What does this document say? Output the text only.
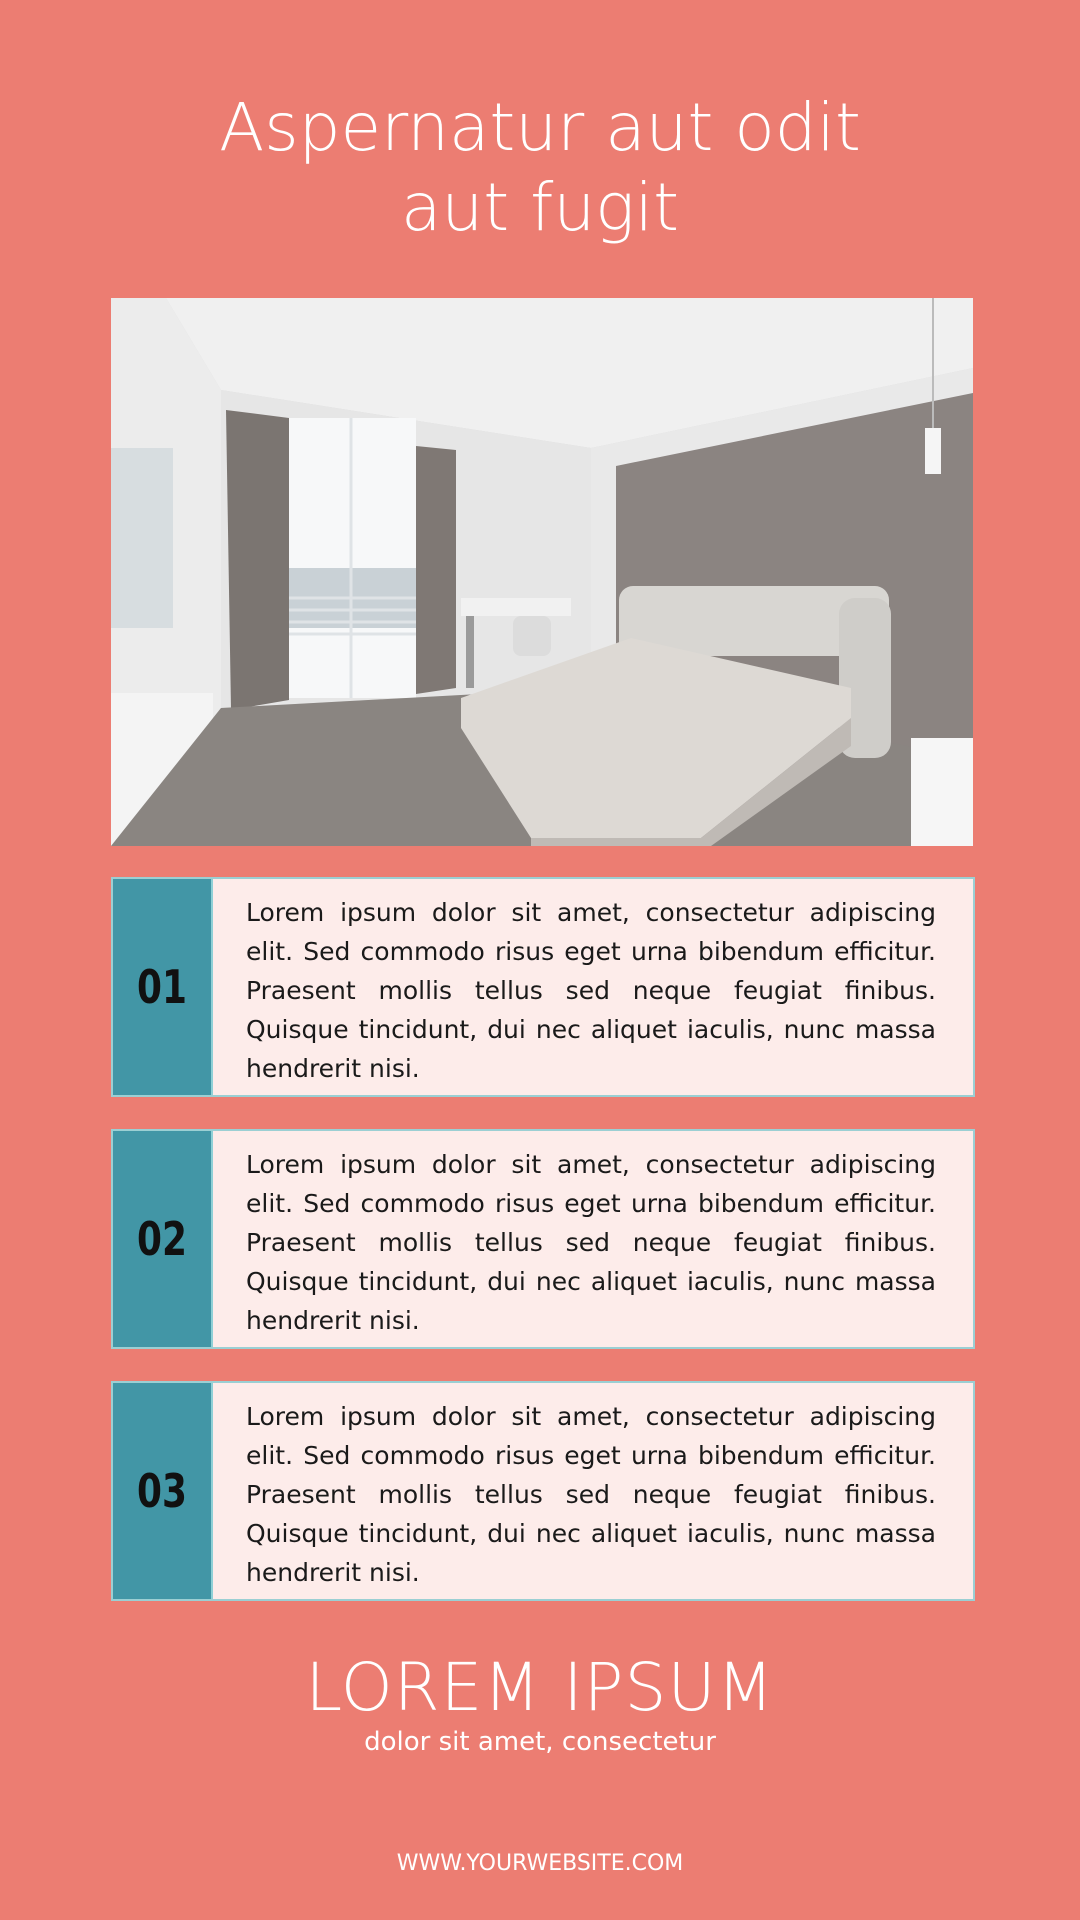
Aspernatur aut odit
aut fugit
01
Lorem ipsum dolor sit amet, consectetur adipiscing elit. Sed commodo risus eget urna bibendum efficitur. Praesent mollis tellus sed neque feugiat finibus. Quisque tincidunt, dui nec aliquet iaculis, nunc massa hendrerit nisi.
02
Lorem ipsum dolor sit amet, consectetur adipiscing elit. Sed commodo risus eget urna bibendum efficitur. Praesent mollis tellus sed neque feugiat finibus. Quisque tincidunt, dui nec aliquet iaculis, nunc massa hendrerit nisi.
03
Lorem ipsum dolor sit amet, consectetur adipiscing elit. Sed commodo risus eget urna bibendum efficitur. Praesent mollis tellus sed neque feugiat finibus. Quisque tincidunt, dui nec aliquet iaculis, nunc massa hendrerit nisi.
LOREM IPSUM
dolor sit amet, consectetur
WWW.YOURWEBSITE.COM
